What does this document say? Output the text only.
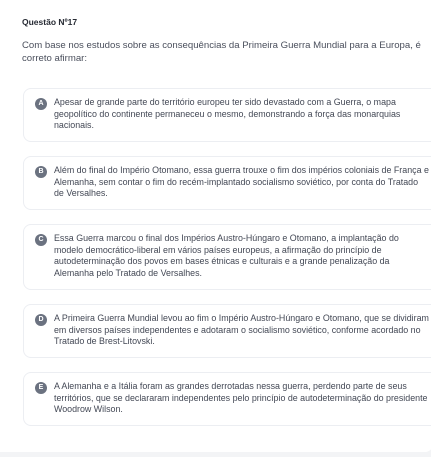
Questão Nº17
Com base nos estudos sobre as consequências da Primeira Guerra Mundial para a Europa, é correto afirmar:
A	Apesar de grande parte do território europeu ter sido devastado com a Guerra, o mapa geopolítico do continente permaneceu o mesmo, demonstrando a força das monarquias nacionais.
B	Além do final do Império Otomano, essa guerra trouxe o fim dos impérios coloniais de França e Alemanha, sem contar o fim do recém-implantado socialismo soviético, por conta do Tratado de Versalhes.
C	Essa Guerra marcou o final dos Impérios Austro-Húngaro e Otomano, a implantação do modelo democrático-liberal em vários países europeus, a afirmação do princípio de autodeterminação dos povos em bases étnicas e culturais e a grande penalização da Alemanha pelo Tratado de Versalhes.
D	A Primeira Guerra Mundial levou ao fim o Império Austro-Húngaro e Otomano, que se dividiram em diversos países independentes e adotaram o socialismo soviético, conforme acordado no Tratado de Brest-Litovski.
E	A Alemanha e a Itália foram as grandes derrotadas nessa guerra, perdendo parte de seus territórios, que se declararam independentes pelo princípio de autodeterminação do presidente Woodrow Wilson.
